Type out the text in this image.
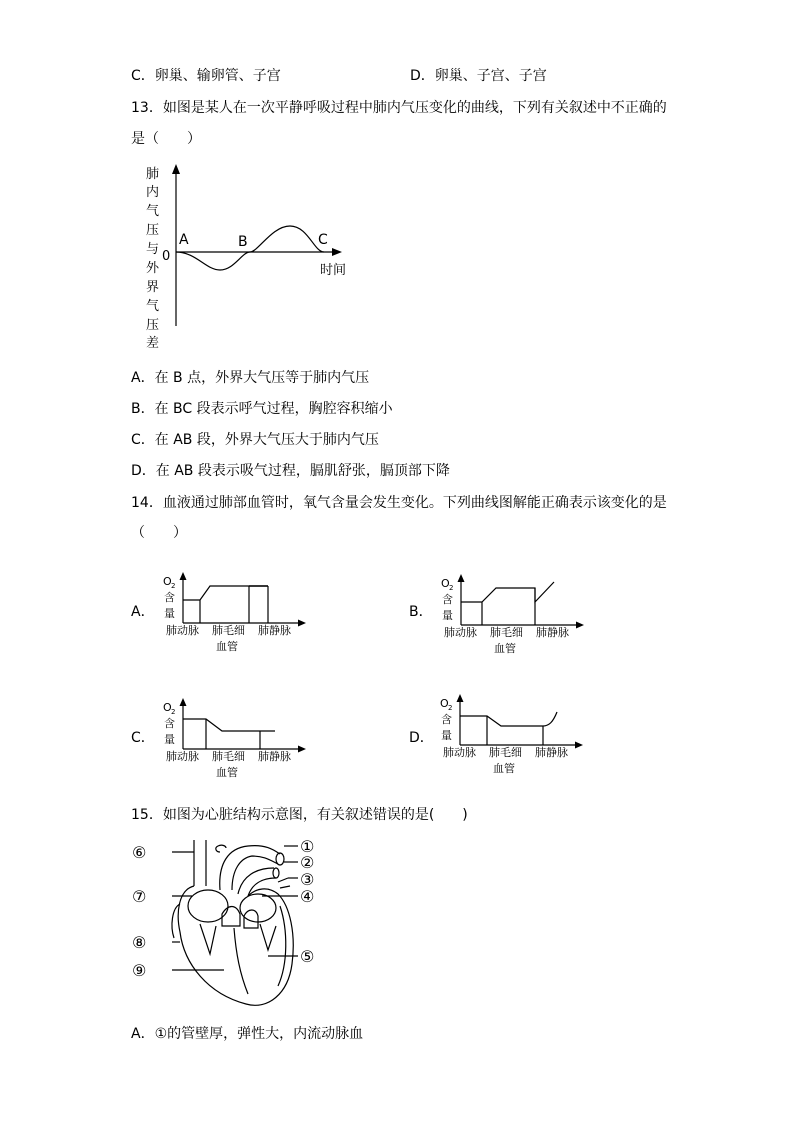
C．卵巢、输卵管、子宫	D．卵巢、子宫、子宫
13．如图是某人在一次平静呼吸过程中肺内气压变化的曲线，下列有关叙述中不正确的
是（　　）
肺
内
气
压
与
外
界
气
压
差
0
A	B	C
时间
A．在 B 点，外界大气压等于肺内气压
B．在 BC 段表示呼气过程，胸腔容积缩小
C．在 AB 段，外界大气压大于肺内气压
D．在 AB 段表示吸气过程，膈肌舒张，膈顶部下降
14．血液通过肺部血管时，氧气含量会发生变化。下列曲线图解能正确表示该变化的是
（　　）
A．	B．
C．	D．
O 2
含
量
肺动脉 肺毛细
血管
肺静脉
O 2
含
量
肺动脉 肺毛细
血管
肺静脉
O 2
含
量
肺动脉 肺毛细
血管
肺静脉
O 2
含
量
肺动脉 肺毛细
血管
肺静脉
15．如图为心脏结构示意图，有关叙述错误的是(　　)
⑥
⑦
⑧
⑨
①
②
③
④
⑤
A．①的管壁厚，弹性大，内流动脉血
